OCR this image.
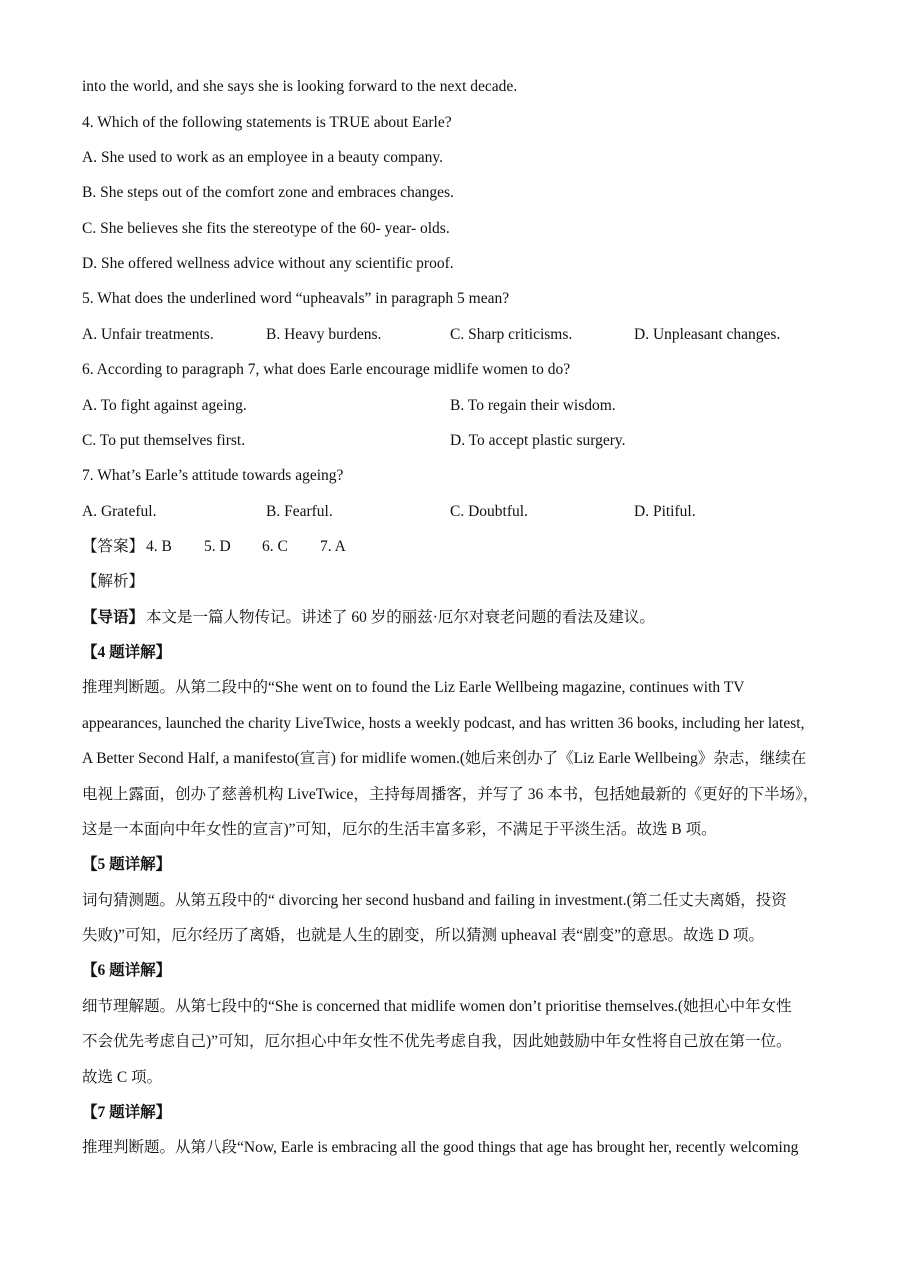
into the world, and she says she is looking forward to the next decade.
4. Which of the following statements is TRUE about Earle?
A. She used to work as an employee in a beauty company.
B. She steps out of the comfort zone and embraces changes.
C. She believes she fits the stereotype of the 60- year- olds.
D. She offered wellness advice without any scientific proof.
5. What does the underlined word “upheavals” in paragraph 5 mean?
A. Unfair treatments.	B. Heavy burdens.	C. Sharp criticisms.	D. Unpleasant changes.
6. According to paragraph 7, what does Earle encourage midlife women to do?
A. To fight against ageing.	B. To regain their wisdom.
C. To put themselves first.	D. To accept plastic surgery.
7. What’s Earle’s attitude towards ageing?
A. Grateful.	B. Fearful.	C. Doubtful.	D. Pitiful.
【答案】 4. B 5. D 6. C 7. A
【解析】
【导语】 本文是一篇人物传记。讲述了 60 岁的丽兹·厄尔对衰老问题的看法及建议。
【4 题详解】
推理判断题。从第二段中的“She went on to found the Liz Earle Wellbeing magazine, continues with TV
appearances, launched the charity LiveTwice, hosts a weekly podcast, and has written 36 books, including her latest,
A Better Second Half, a manifesto(宣言) for midlife women.(她后来创办了《Liz Earle Wellbeing》杂志，继续在
电视上露面，创办了慈善机构 LiveTwice，主持每周播客，并写了 36 本书，包括她最新的《更好的下半场》，
这是一本面向中年女性的宣言)”可知，厄尔的生活丰富多彩，不满足于平淡生活。故选 B 项。
【5 题详解】
词句猜测题。从第五段中的“ divorcing her second husband and failing in investment.(第二任丈夫离婚，投资
失败)”可知，厄尔经历了离婚，也就是人生的剧变，所以猜测 upheaval 表“剧变”的意思。故选 D 项。
【6 题详解】
细节理解题。从第七段中的“She is concerned that midlife women don’t prioritise themselves.(她担心中年女性
不会优先考虑自己)”可知，厄尔担心中年女性不优先考虑自我，因此她鼓励中年女性将自己放在第一位。
故选 C 项。
【7 题详解】
推理判断题。从第八段“Now, Earle is embracing all the good things that age has brought her, recently welcoming
